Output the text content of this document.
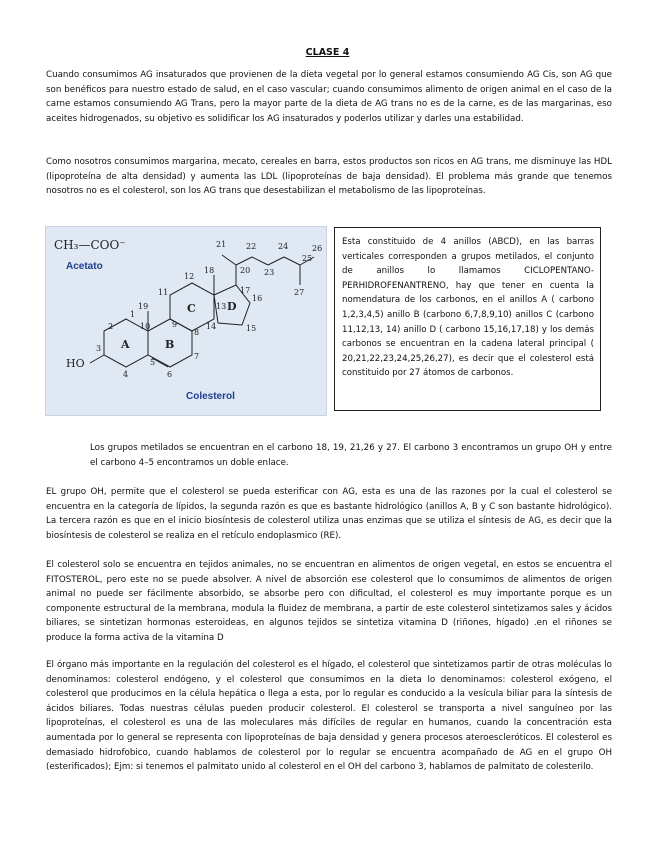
CLASE 4

Cuando consumimos AG insaturados que provienen de la dieta vegetal por lo general estamos consumiendo AG Cis, son AG que son benéficos para nuestro estado de salud, en el caso vascular; cuando consumimos alimento de origen animal en el caso de la carne estamos consumiendo AG Trans, pero la mayor parte de la dieta de AG trans no es de la carne, es de las margarinas, eso aceites hidrogenados, su objetivo es solidificar los AG insaturados y poderlos utilizar y darles una estabilidad.

Como nosotros consumimos margarina, mecato, cereales en barra, estos productos son ricos en AG trans, me disminuye las HDL (lipoproteína de alta densidad) y aumenta las LDL (lipoproteínas de baja densidad). El problema más grande que tenemos nosotros no es el colesterol, son los AG trans que desestabilizan el metabolismo de las lipoproteínas.

CH₃—COO⁻
Acetato
A	B
C	D
2
1
10
19
3
4
5
6
7
8
9
11
12
13
14	15
16
17
18	20
21 22
23
24
25
26
27
HO
Colesterol

Esta constituido de 4 anillos (ABCD), en las barras verticales corresponden a grupos metilados, el conjunto de anillos lo llamamos CICLOPENTANO-PERHIDROFENANTRENO, hay que tener en cuenta la nomendatura de los carbonos, en el anillos A ( carbono 1,2,3,4,5) anillo B (carbono 6,7,8,9,10) anillos C (carbono 11,12,13, 14) anillo D ( carbono 15,16,17,18) y los demás carbonos se encuentran en la cadena lateral principal ( 20,21,22,23,24,25,26,27), es decir que el colesterol está constituido por 27 átomos de carbonos.

Los grupos metilados se encuentran en el carbono 18, 19, 21,26 y 27. El carbono 3 encontramos un grupo OH y entre el carbono 4–5 encontramos un doble enlace.

EL grupo OH, permite que el colesterol se pueda esterificar con AG, esta es una de las razones por la cual el colesterol se encuentra en la categoría de lípidos, la segunda razón es que es bastante hidrológico (anillos A, B y C son bastante hidrológico). La tercera razón es que en el inicio biosíntesis de colesterol utiliza unas enzimas que se utiliza el síntesis de AG, es decir que la biosíntesis de colesterol se realiza en el retículo endoplasmico (RE).

El colesterol solo se encuentra en tejidos animales, no se encuentran en alimentos de origen vegetal, en estos se encuentra el FITOSTEROL, pero este no se puede absolver. A nivel de absorción ese colesterol que lo consumimos de alimentos de origen animal no puede ser fácilmente absorbido, se absorbe pero con dificultad, el colesterol es muy importante porque es un componente estructural de la membrana, modula la fluidez de membrana, a partir de este colesterol sintetizamos sales y ácidos biliares, se sintetizan hormonas esteroideas, en algunos tejidos se sintetiza vitamina D (riñones, hígado) .en el riñones se produce la forma activa de la vitamina D

El órgano más importante en la regulación del colesterol es el hígado, el colesterol que sintetizamos partir de otras moléculas lo denominamos: colesterol endógeno, y el colesterol que consumimos en la dieta lo denominamos: colesterol exógeno, el colesterol que producimos en la célula hepática o llega a esta, por lo regular es conducido a la vesícula biliar para la síntesis de ácidos biliares. Todas nuestras células pueden producir colesterol. El colesterol se transporta a nivel sanguíneo por las lipoproteínas, el colesterol es una de las moleculares más difíciles de regular en humanos, cuando la concentración esta aumentada por lo general se representa con lipoproteínas de baja densidad y genera procesos ateroescleróticos. El colesterol es demasiado hidrofobico, cuando hablamos de colesterol por lo regular se encuentra acompañado de AG en el grupo OH (esterificados); Ejm: si tenemos el palmitato unido al colesterol en el OH del carbono 3, hablamos de palmitato de colesterilo.
